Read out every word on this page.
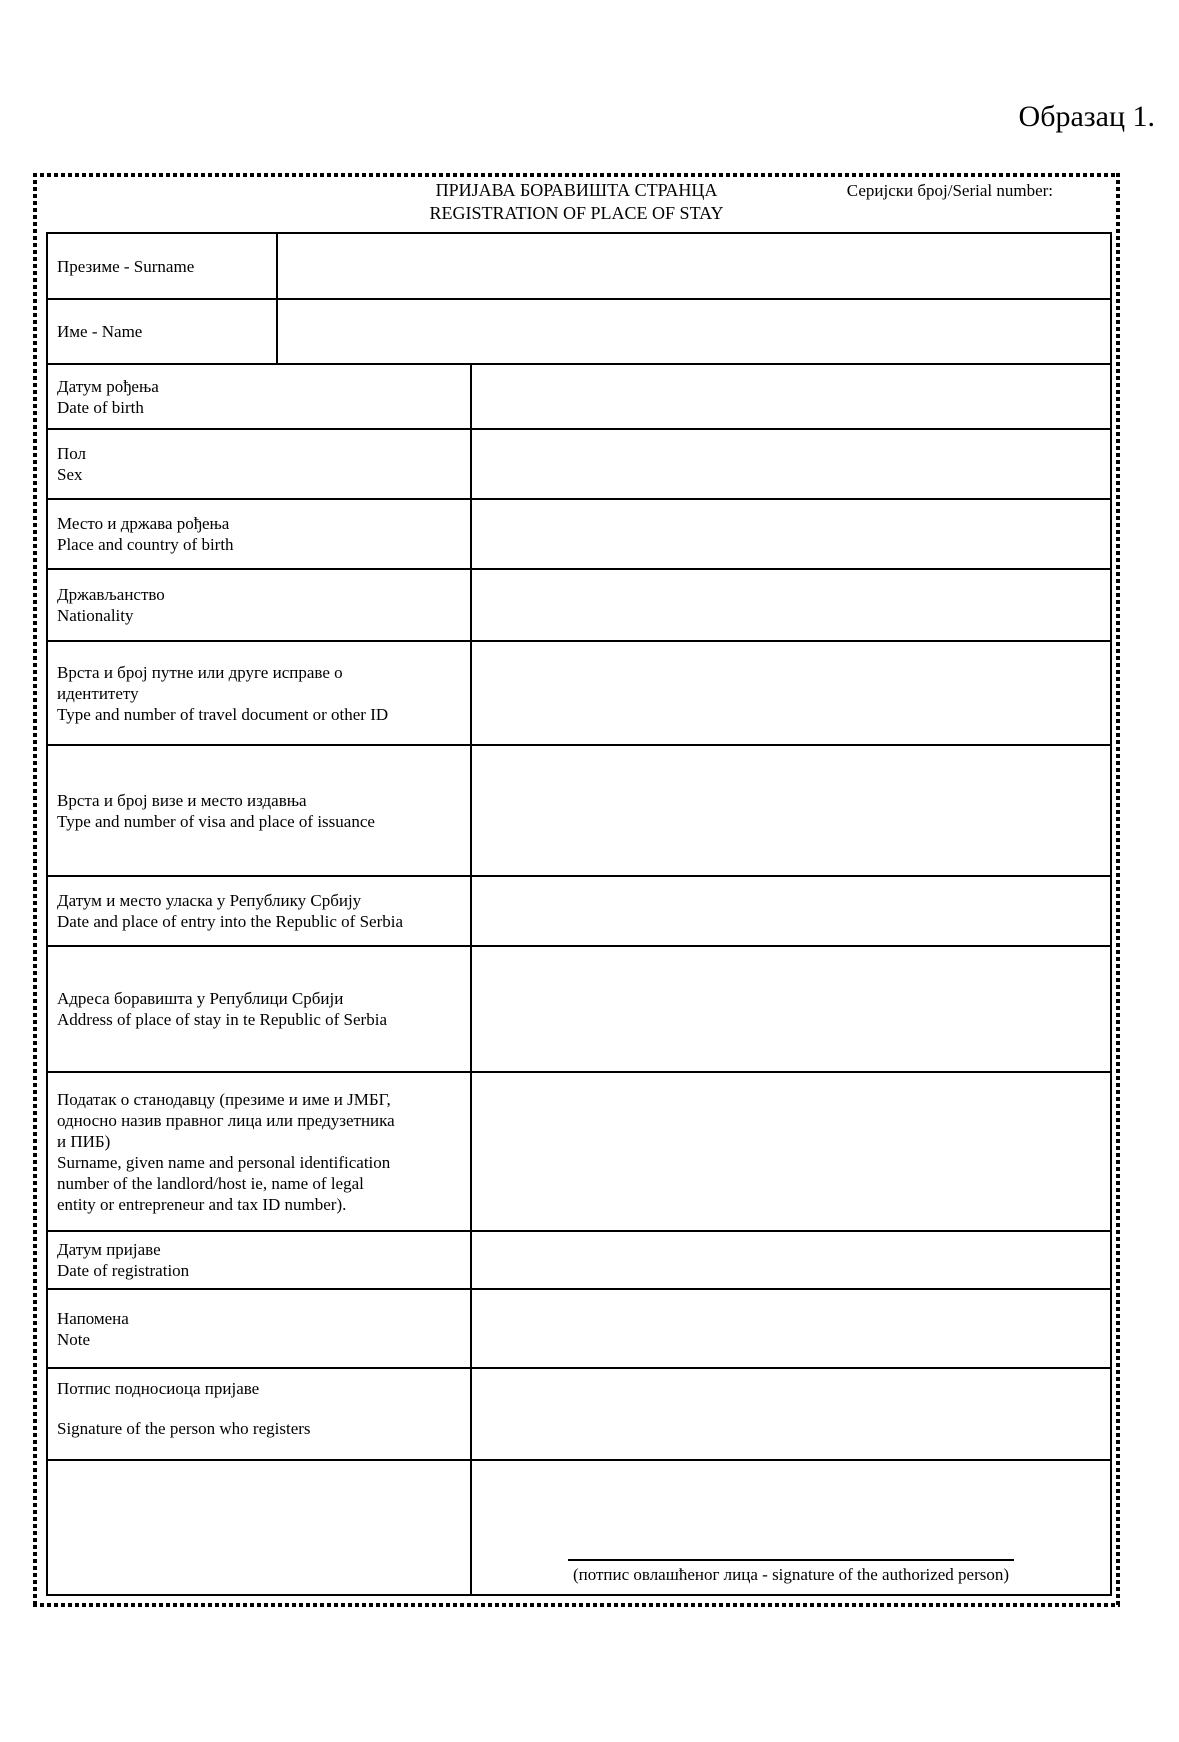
Образац 1.
ПРИЈАВА БОРАВИШТА СТРАНЦА
REGISTRATION OF PLACE OF STAY
Серијски број/Serial number:
Презиме - Surname	

Име - Name	

Датум рођења
Date of birth	

Пол
Sex	

Место и држава рођења
Place and country of birth	

Држављанство
Nationality	

Врста и број путне или друге исправе о
идентитету
Type and number of travel document or other ID	

Врста и број визе и место издавња
Type and number of visa and place of issuance	

Датум и место уласка у Републику Србију
Date and place of entry into the Republic of Serbia	

Адреса боравишта у Републици Србији
Address of place of stay in te Republic of Serbia	

Податак о станодавцу (презиме и име и ЈМБГ,
односно назив правног лица или предузетника
и ПИБ)
Surname, given name and personal identification
number of the landlord/host ie, name of legal
entity or entrepreneur and tax ID number).

Датум пријаве
Date of registration	

Напомена
Note	

Потпис подносиоца пријаве
Signature of the person who registers	

	(потпис овлашћеног лица - signature of the authorized person)
